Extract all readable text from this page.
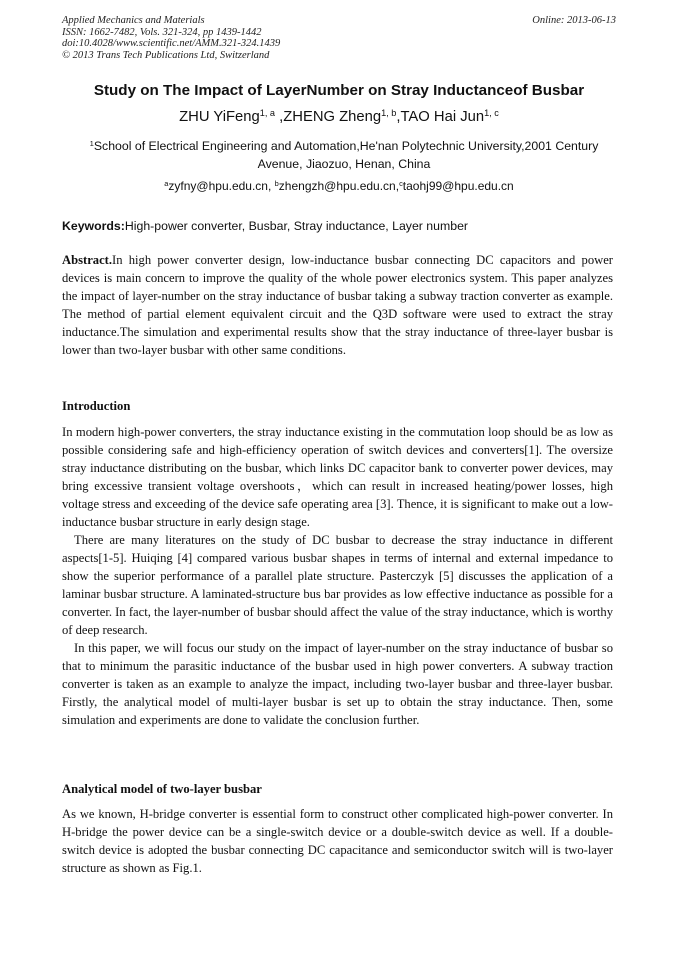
Applied Mechanics and Materials
ISSN: 1662-7482, Vols. 321-324, pp 1439-1442
doi:10.4028/www.scientific.net/AMM.321-324.1439
© 2013 Trans Tech Publications Ltd, Switzerland
Online: 2013-06-13
Study on The Impact of LayerNumber on Stray Inductanceof Busbar
ZHU YiFeng$^{1, a}$ ,ZHENG Zheng$^{1, b}$,TAO Hai Jun$^{1, c}$
$^1$School of Electrical Engineering and Automation,He'nan Polytechnic University,2001 Century Avenue, Jiaozuo, Henan, China
$^a$zyfny@hpu.edu.cn, $^b$zhengzh@hpu.edu.cn,$^c$taohj99@hpu.edu.cn
Keywords:High-power converter, Busbar, Stray inductance, Layer number

Abstract.In high power converter design, low-inductance busbar connecting DC capacitors and power devices is main concern to improve the quality of the whole power electronics system. This paper analyzes the impact of layer-number on the stray inductance of busbar taking a subway traction converter as example. The method of partial element equivalent circuit and the Q3D software were used to extract the stray inductance.The simulation and experimental results show that the stray inductance of three-layer busbar is lower than two-layer busbar with other same conditions.

Introduction

In modern high-power converters, the stray inductance existing in the commutation loop should be as low as possible considering safe and high-efficiency operation of switch devices and converters[1]. The oversize stray inductance distributing on the busbar, which links DC capacitor bank to converter power devices, may bring excessive transient voltage overshoots，which can result in increased heating/power losses, high voltage stress and exceeding of the device safe operating area [3]. Thence, it is significant to make out a low-inductance busbar structure in early design stage.

There are many literatures on the study of DC busbar to decrease the stray inductance in different aspects[1-5]. Huiqing [4] compared various busbar shapes in terms of internal and external impedance to show the superior performance of a parallel plate structure. Pasterczyk [5] discusses the application of a laminar busbar structure. A laminated-structure bus bar provides as low effective inductance as possible for a converter. In fact, the layer-number of busbar should affect the value of the stray inductance, which is worthy of deep research.

In this paper, we will focus our study on the impact of layer-number on the stray inductance of busbar so that to minimum the parasitic inductance of the busbar used in high power converters. A subway traction converter is taken as an example to analyze the impact, including two-layer busbar and three-layer busbar. Firstly, the analytical model of multi-layer busbar is set up to obtain the stray inductance. Then, some simulation and experiments are done to validate the conclusion further.

Analytical model of two-layer busbar

As we known, H-bridge converter is essential form to construct other complicated high-power converter. In H-bridge the power device can be a single-switch device or a double-switch device as well. If a double-switch device is adopted the busbar connecting DC capacitance and semiconductor switch will is two-layer structure as shown as Fig.1.
